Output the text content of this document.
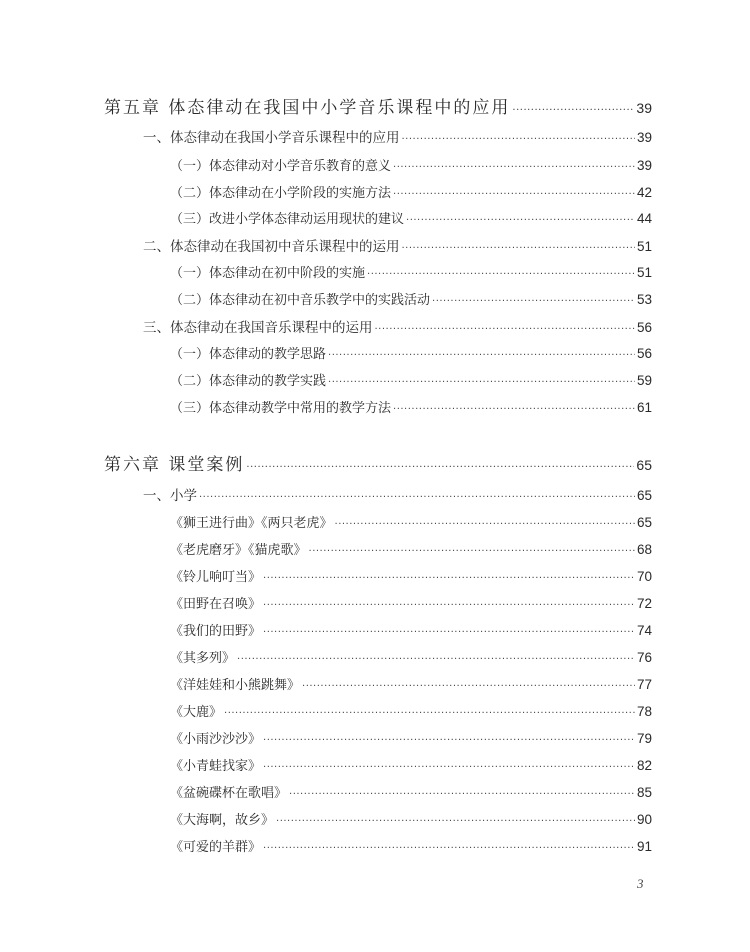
第五章 体态律动在我国中小学音乐课程中的应用 ·····	39
一、体态律动在我国小学音乐课程中的应用 ·····	39
（一）体态律动对小学音乐教育的意义 ·····	39
（二）体态律动在小学阶段的实施方法 ·····	42
（三）改进小学体态律动运用现状的建议 ·····	44
二、体态律动在我国初中音乐课程中的运用 ·····	51
（一）体态律动在初中阶段的实施 ·····	51
（二）体态律动在初中音乐教学中的实践活动 ·····	53
三、体态律动在我国音乐课程中的运用 ·····	56
（一）体态律动的教学思路 ·····	56
（二）体态律动的教学实践 ·····	59
（三）体态律动教学中常用的教学方法 ·····	61
第六章 课堂案例 ·····	65
一、小学 ·····	65
《狮王进行曲》《两只老虎》 ·····	65
《老虎磨牙》《猫虎歌》 ·····	68
《铃儿响叮当》 ·····	70
《田野在召唤》 ·····	72
《我们的田野》 ·····	74
《其多列》 ·····	76
《洋娃娃和小熊跳舞》 ·····	77
《大鹿》 ·····	78
《小雨沙沙沙》 ·····	79
《小青蛙找家》 ·····	82
《盆碗碟杯在歌唱》 ·····	85
《大海啊，故乡》 ·····	90
《可爱的羊群》 ·····	91
3
